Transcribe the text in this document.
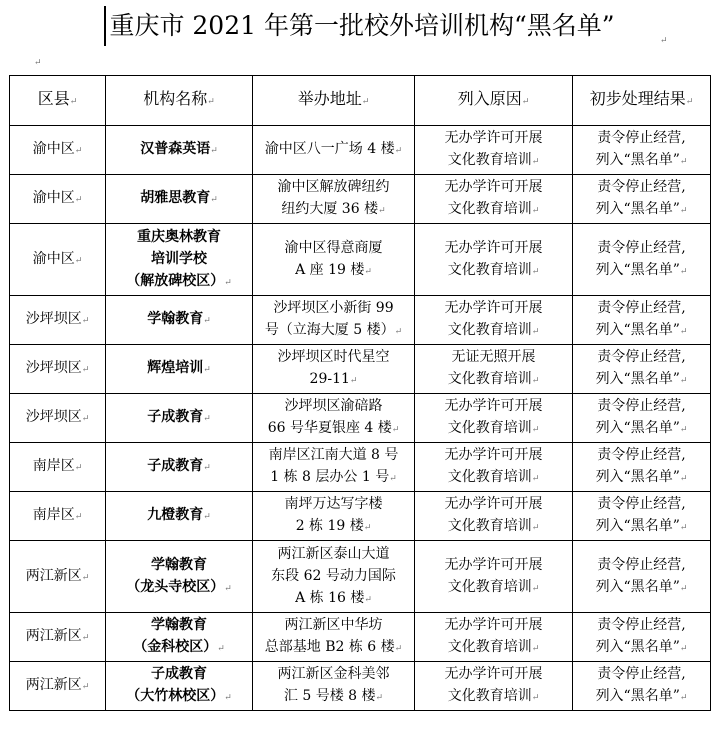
重庆市 2021 年第一批校外培训机构“黑名单”
↵
↵
区县↵	机构名称↵	举办地址↵	列入原因↵	初步处理结果↵
渝中区↵	汉普森英语↵	渝中区八一广场 4 楼↵	无办学许可开展
文化教育培训↵	责令停止经营,
列入“黑名单”↵
渝中区↵	胡雅思教育↵	渝中区解放碑纽约
纽约大厦 36 楼↵	无办学许可开展
文化教育培训↵	责令停止经营,
列入“黑名单”↵
渝中区↵	重庆奥林教育
培训学校
（解放碑校区）↵	渝中区得意商厦
A 座 19 楼↵	无办学许可开展
文化教育培训↵	责令停止经营,
列入“黑名单”↵
沙坪坝区↵	学翰教育↵	沙坪坝区小新街 99
号（立海大厦 5 楼）↵	无办学许可开展
文化教育培训↵	责令停止经营,
列入“黑名单”↵
沙坪坝区↵	辉煌培训↵	沙坪坝区时代星空
29-11↵	无证无照开展
文化教育培训↵	责令停止经营,
列入“黑名单”↵
沙坪坝区↵	子成教育↵	沙坪坝区渝碚路
66 号华夏银座 4 楼↵	无办学许可开展
文化教育培训↵	责令停止经营,
列入“黑名单”↵
南岸区↵	子成教育↵	南岸区江南大道 8 号
1 栋 8 层办公 1 号↵	无办学许可开展
文化教育培训↵	责令停止经营,
列入“黑名单”↵
南岸区↵	九橙教育↵	南坪万达写字楼
2 栋 19 楼↵	无办学许可开展
文化教育培训↵	责令停止经营,
列入“黑名单”↵
两江新区↵	学翰教育
（龙头寺校区）↵	两江新区泰山大道
东段 62 号动力国际
A 栋 16 楼↵	无办学许可开展
文化教育培训↵	责令停止经营,
列入“黑名单”↵
两江新区↵	学翰教育
（金科校区）↵	两江新区中华坊
总部基地 B2 栋 6 楼↵	无办学许可开展
文化教育培训↵	责令停止经营,
列入“黑名单”↵
两江新区↵	子成教育
（大竹林校区）↵	两江新区金科美邻
汇 5 号楼 8 楼↵	无办学许可开展
文化教育培训↵	责令停止经营,
列入“黑名单”↵
